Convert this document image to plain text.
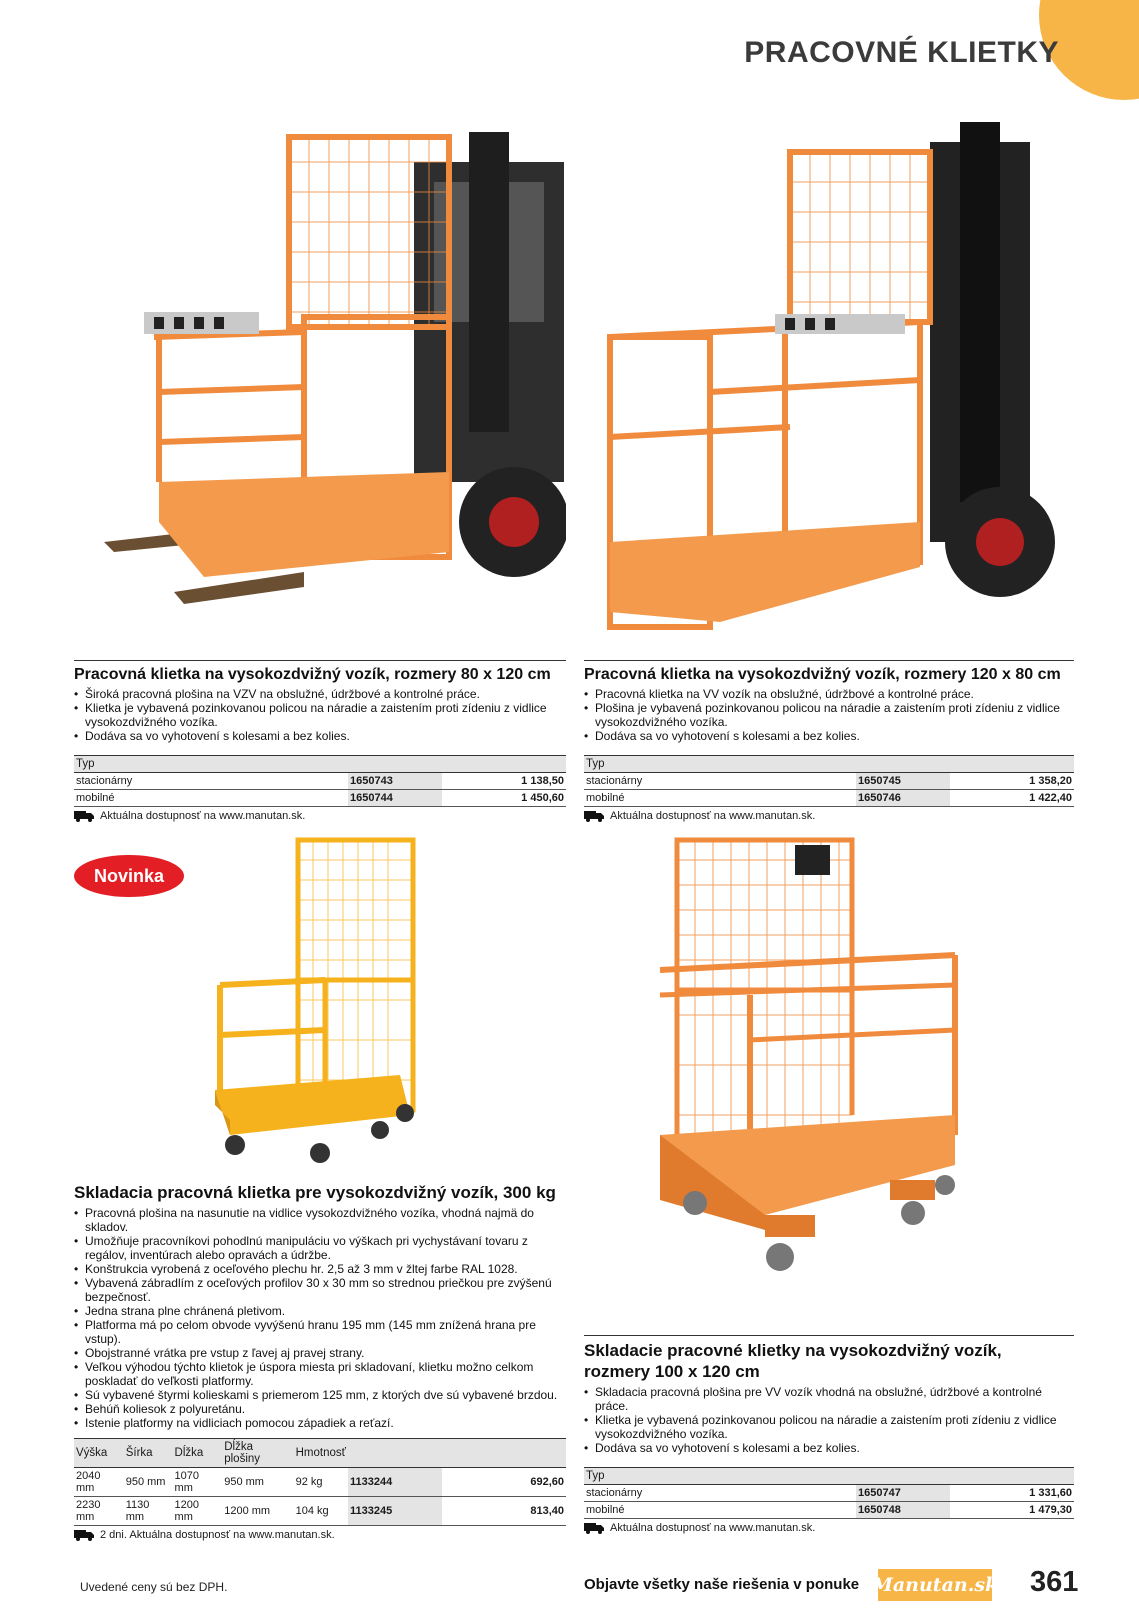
PRACOVNÉ KLIETKY
Pracovná klietka na vysokozdvižný vozík, rozmery 80 x 120 cm
• Široká pracovná plošina na VZV na obslužné, údržbové a kontrolné práce.
• Klietka je vybavená pozinkovanou policou na náradie a zaistením proti zídeniu z vidlice vysokozdvižného vozíka.
• Dodáva sa vo vyhotovení s kolesami a bez kolies.
Typ			
stacionárny	1650743		1 138,50
mobilné	1650744		1 450,60
Aktuálna dostupnosť na www.manutan.sk.
Pracovná klietka na vysokozdvižný vozík, rozmery 120 x 80 cm
• Pracovná klietka na VV vozík na obslužné, údržbové a kontrolné práce.
• Plošina je vybavená pozinkovanou policou na náradie a zaistením proti zídeniu z vidlice vysokozdvižného vozíka.
• Dodáva sa vo vyhotovení s kolesami a bez kolies.
Typ			
stacionárny	1650745		1 358,20
mobilné	1650746		1 422,40
Aktuálna dostupnosť na www.manutan.sk.
Novinka
Skladacia pracovná klietka pre vysokozdvižný vozík, 300 kg
• Pracovná plošina na nasunutie na vidlice vysokozdvižného vozíka, vhodná najmä do skladov.
• Umožňuje pracovníkovi pohodlnú manipuláciu vo výškach pri vychystávaní tovaru z regálov, inventúrach alebo opravách a údržbe.
• Konštrukcia vyrobená z oceľového plechu hr. 2,5 až 3 mm v žltej farbe RAL 1028.
• Vybavená zábradlím z oceľových profilov 30 x 30 mm so strednou priečkou pre zvýšenú bezpečnosť.
• Jedna strana plne chránená pletivom.
• Platforma má po celom obvode vyvýšenú hranu 195 mm (145 mm znížená hrana pre vstup).
• Obojstranné vrátka pre vstup z ľavej aj pravej strany.
• Veľkou výhodou týchto klietok je úspora miesta pri skladovaní, klietku možno celkom poskladať do veľkosti platformy.
• Sú vybavené štyrmi kolieskami s priemerom 125 mm, z ktorých dve sú vybavené brzdou.
• Behúň koliesok z polyuretánu.
• Istenie platformy na vidliciach pomocou západiek a reťazí.
Výška	Šírka	Dĺžka	Dĺžka plošiny	Hmotnosť			
2040 mm	950 mm	1070 mm	950 mm	92 kg	1133244		692,60
2230 mm	1130 mm	1200 mm	1200 mm	104 kg	1133245		813,40
2 dni. Aktuálna dostupnosť na www.manutan.sk.
Skladacie pracovné klietky na vysokozdvižný vozík,
rozmery 100 x 120 cm
• Skladacia pracovná plošina pre VV vozík vhodná na obslužné, údržbové a kontrolné práce.
• Klietka je vybavená pozinkovanou policou na náradie a zaistením proti zídeniu z vidlice vysokozdvižného vozíka.
• Dodáva sa vo vyhotovení s kolesami a bez kolies.
Typ			
stacionárny	1650747		1 331,60
mobilné	1650748		1 479,30
Aktuálna dostupnosť na www.manutan.sk.
Uvedené ceny sú bez DPH.	Objavte všetky naše riešenia v ponuke Manutan.sk 361
